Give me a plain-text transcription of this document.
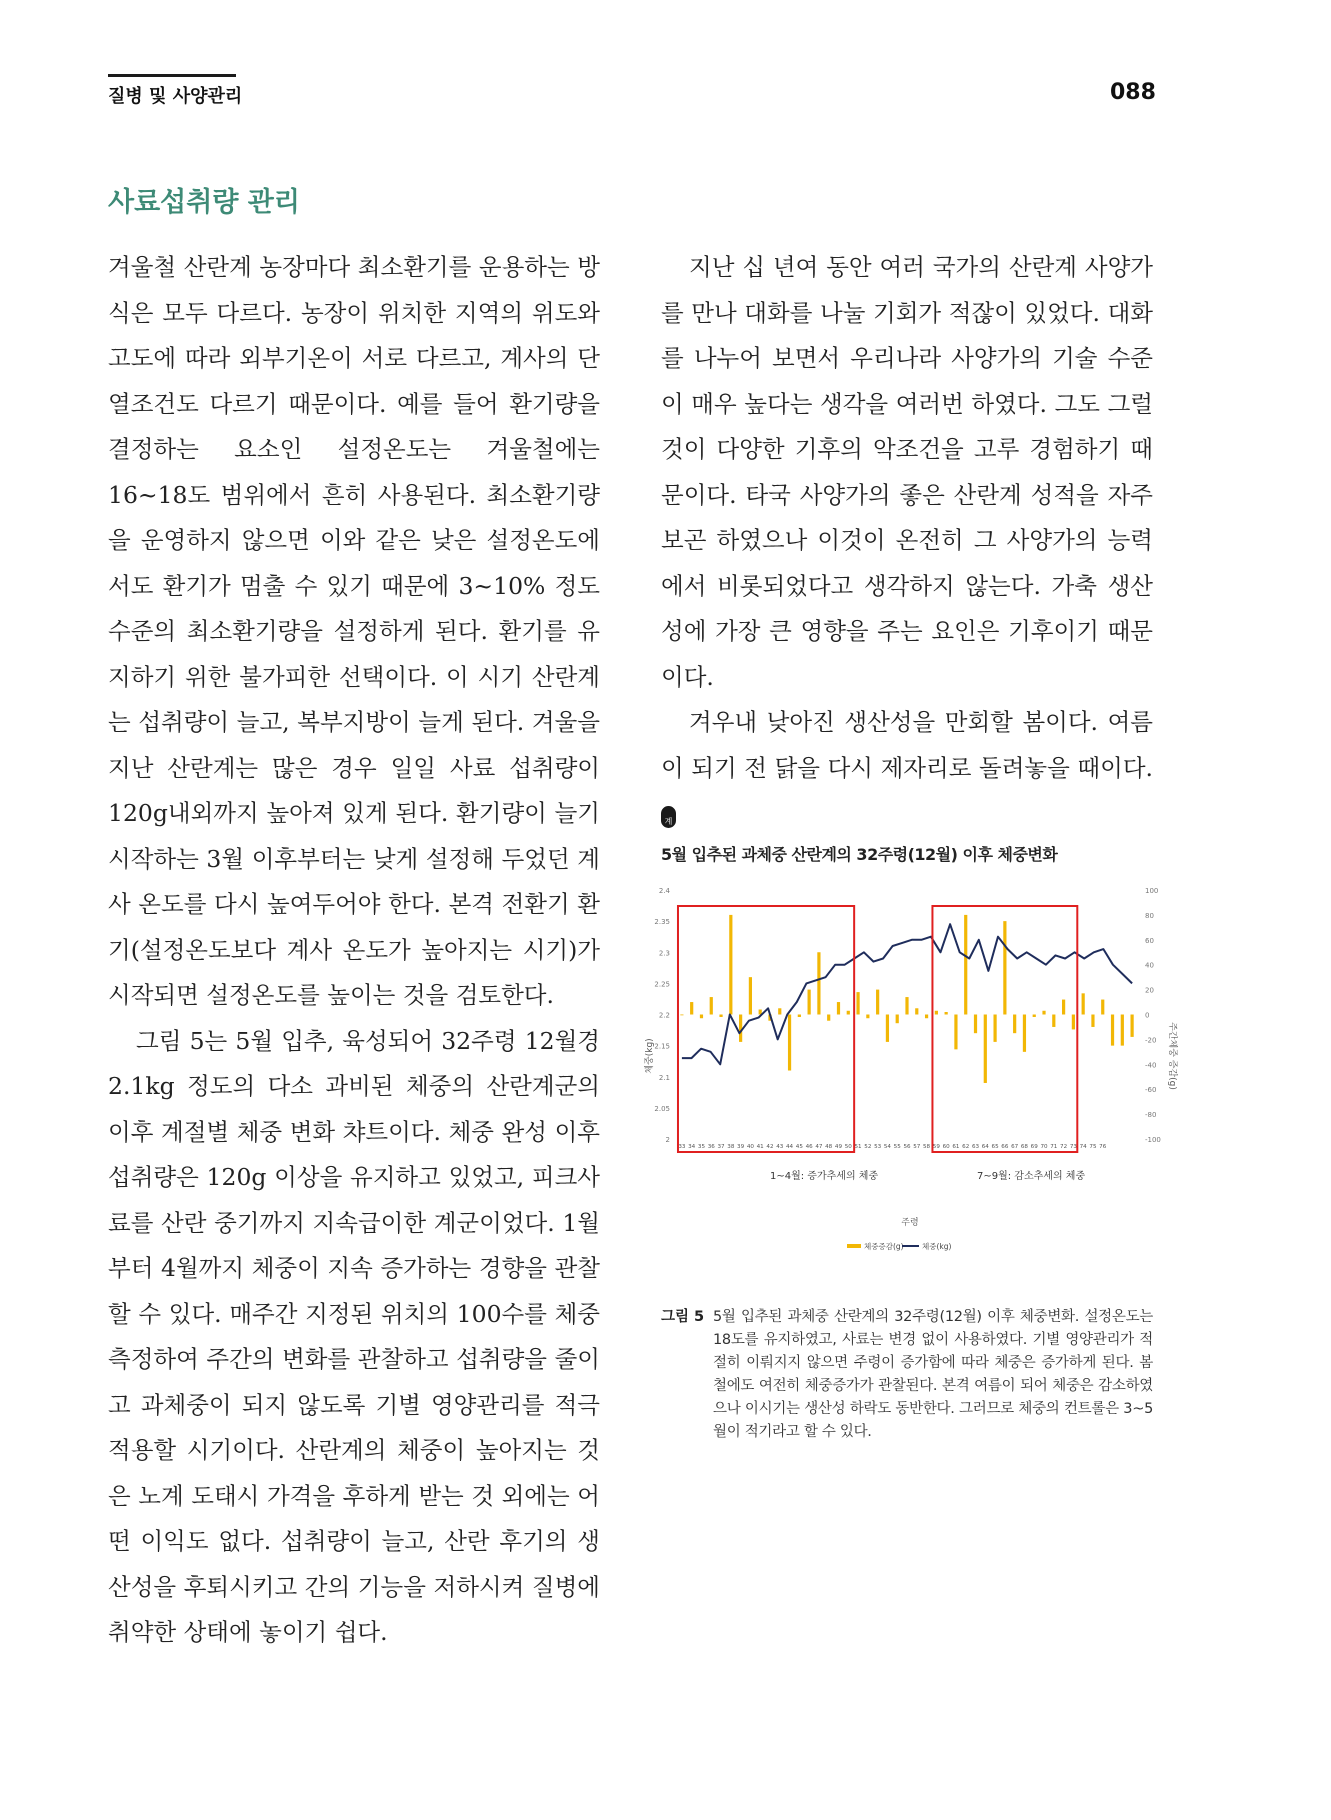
질병 및 사양관리	088
사료섭취량 관리

겨울철 산란계 농장마다 최소환기를 운용하는 방식은 모두 다르다. 농장이 위치한 지역의 위도와 고도에 따라 외부기온이 서로 다르고, 계사의 단열조건도 다르기 때문이다. 예를 들어 환기량을 결정하는 요소인 설정온도는 겨울철에는 16~18도 범위에서 흔히 사용된다. 최소환기량을 운영하지 않으면 이와 같은 낮은 설정온도에서도 환기가 멈출 수 있기 때문에 3~10% 정도 수준의 최소환기량을 설정하게 된다. 환기를 유지하기 위한 불가피한 선택이다. 이 시기 산란계는 섭취량이 늘고, 복부지방이 늘게 된다. 겨울을 지난 산란계는 많은 경우 일일 사료 섭취량이 120g내외까지 높아져 있게 된다. 환기량이 늘기 시작하는 3월 이후부터는 낮게 설정해 두었던 계사 온도를 다시 높여두어야 한다. 본격 전환기 환기(설정온도보다 계사 온도가 높아지는 시기)가 시작되면 설정온도를 높이는 것을 검토한다.

그림 5는 5월 입추, 육성되어 32주령 12월경 2.1kg 정도의 다소 과비된 체중의 산란계군의 이후 계절별 체중 변화 챠트이다. 체중 완성 이후 섭취량은 120g 이상을 유지하고 있었고, 피크사료를 산란 중기까지 지속급이한 계군이었다. 1월부터 4월까지 체중이 지속 증가하는 경향을 관찰할 수 있다. 매주간 지정된 위치의 100수를 체중측정하여 주간의 변화를 관찰하고 섭취량을 줄이고 과체중이 되지 않도록 기별 영양관리를 적극 적용할 시기이다. 산란계의 체중이 높아지는 것은 노계 도태시 가격을 후하게 받는 것 외에는 어떤 이익도 없다. 섭취량이 늘고, 산란 후기의 생산성을 후퇴시키고 간의 기능을 저하시켜 질병에 취약한 상태에 놓이기 쉽다.

지난 십 년여 동안 여러 국가의 산란계 사양가를 만나 대화를 나눌 기회가 적잖이 있었다. 대화를 나누어 보면서 우리나라 사양가의 기술 수준이 매우 높다는 생각을 여러번 하였다. 그도 그럴 것이 다양한 기후의 악조건을 고루 경험하기 때문이다. 타국 사양가의 좋은 산란계 성적을 자주 보곤 하였으나 이것이 온전히 그 사양가의 능력에서 비롯되었다고 생각하지 않는다. 가축 생산성에 가장 큰 영향을 주는 요인은 기후이기 때문이다.

겨우내 낮아진 생산성을 만회할 봄이다. 여름이 되기 전 닭을 다시 제자리로 돌려놓을 때이다. 양계

5월 입추된 과체중 산란계의 32주령(12월) 이후 체중변화
2
2.05
2.1
2.15
2.2
2.25
2.3
2.35
2.4	100
80
60
40
20
0
-20
-40
-60
-80
-100
33 34 35 36 37 38 39 40 41 42 43 44 45 46 47 48 49 50 51 52 53 54 55 56 57 58 59 60 61 62 63 64 65 66 67 68 69 70 71 72 73 74 75 76
1~4월: 증가추세의 체중	7~9월: 감소추세의 체중
주령
체중(kg)	주간체중 증감(g)
체중증감(g) 체중(kg)
그림 5 5월 입추된 과체중 산란계의 32주령(12월) 이후 체중변화. 설정온도는 18도를 유지하였고, 사료는 변경 없이 사용하였다. 기별 영양관리가 적절히 이뤄지지 않으면 주령이 증가함에 따라 체중은 증가하게 된다. 봄철에도 여전히 체중증가가 관찰된다. 본격 여름이 되어 체중은 감소하였으나 이시기는 생산성 하락도 동반한다. 그러므로 체중의 컨트롤은 3~5월이 적기라고 할 수 있다.
